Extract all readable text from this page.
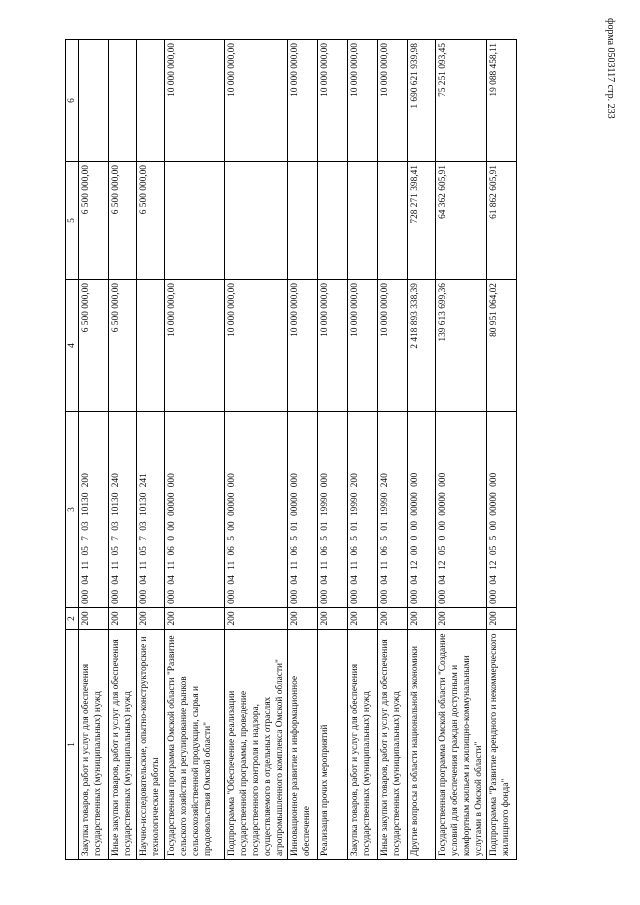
форма 0503117 стр. 233
1	2	3	4	5	6
Закупка товаров, работ и услуг для обеспечения государственных (муниципальных) нужд	200	000 04 11 05 7 03 10130 200	6 500 000,00	6 500 000,00	
Иные закупки товаров, работ и услуг для обеспечения государственных (муниципальных) нужд	200	000 04 11 05 7 03 10130 240	6 500 000,00	6 500 000,00	
Научно-исследовательские, опытно-конструкторские и технологические работы	200	000 04 11 05 7 03 10130 241		6 500 000,00	
Государственная программа Омской области "Развитие сельского хозяйства и регулирование рынков сельскохозяйственной продукции, сырья и продовольствия Омской области"	200	000 04 11 06 0 00 00000 000	10 000 000,00		10 000 000,00
Подпрограмма "Обеспечение реализации государственной программы, проведение государственного контроля и надзора, осуществляемого в отдельных отраслях агропромышленного комплекса Омской области"	200	000 04 11 06 5 00 00000 000	10 000 000,00		10 000 000,00
Инновационное развитие и информационное обеспечение	200	000 04 11 06 5 01 00000 000	10 000 000,00		10 000 000,00
Реализация прочих мероприятий	200	000 04 11 06 5 01 19990 000	10 000 000,00		10 000 000,00
Закупка товаров, работ и услуг для обеспечения государственных (муниципальных) нужд	200	000 04 11 06 5 01 19990 200	10 000 000,00		10 000 000,00
Иные закупки товаров, работ и услуг для обеспечения государственных (муниципальных) нужд	200	000 04 11 06 5 01 19990 240	10 000 000,00		10 000 000,00
Другие вопросы в области национальной экономики	200	000 04 12 00 0 00 00000 000	2 418 893 338,39	728 271 398,41	1 690 621 939,98
Государственная программа Омской области "Создание условий для обеспечения граждан доступным и комфортным жильем и жилищно-коммунальными услугами в Омской области"	200	000 04 12 05 0 00 00000 000	139 613 699,36	64 362 605,91	75 251 093,45
Подпрограмма "Развитие арендного и некоммерческого жилищного фонда"	200	000 04 12 05 5 00 00000 000	80 951 064,02	61 862 605,91	19 088 458,11
